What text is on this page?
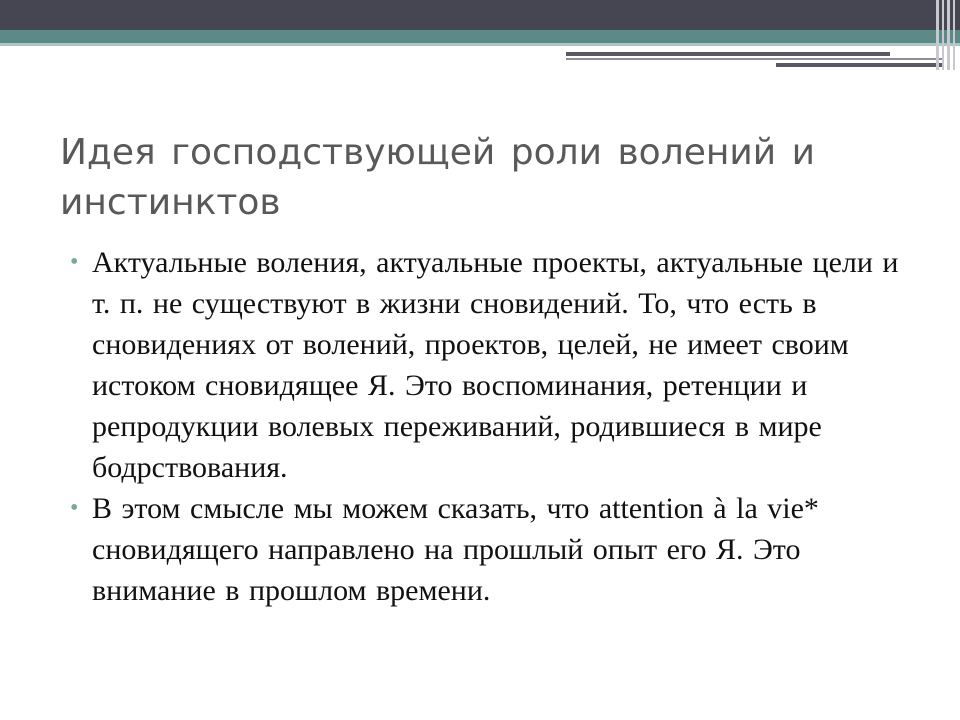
Идея господствующей роли волений и инстинктов
• Актуальные воления, актуальные проекты, актуальные цели и т. п. не существуют в жизни сновидений. То, что есть в сновидениях от волений, проектов, целей, не имеет своим истоком сновидящее Я. Это воспоминания, ретенции и репродукции волевых переживаний, родившиеся в мире бодрствования.
• В этом смысле мы можем сказать, что attention à la vie* сновидящего направлено на прошлый опыт его Я. Это внимание в прошлом времени.
